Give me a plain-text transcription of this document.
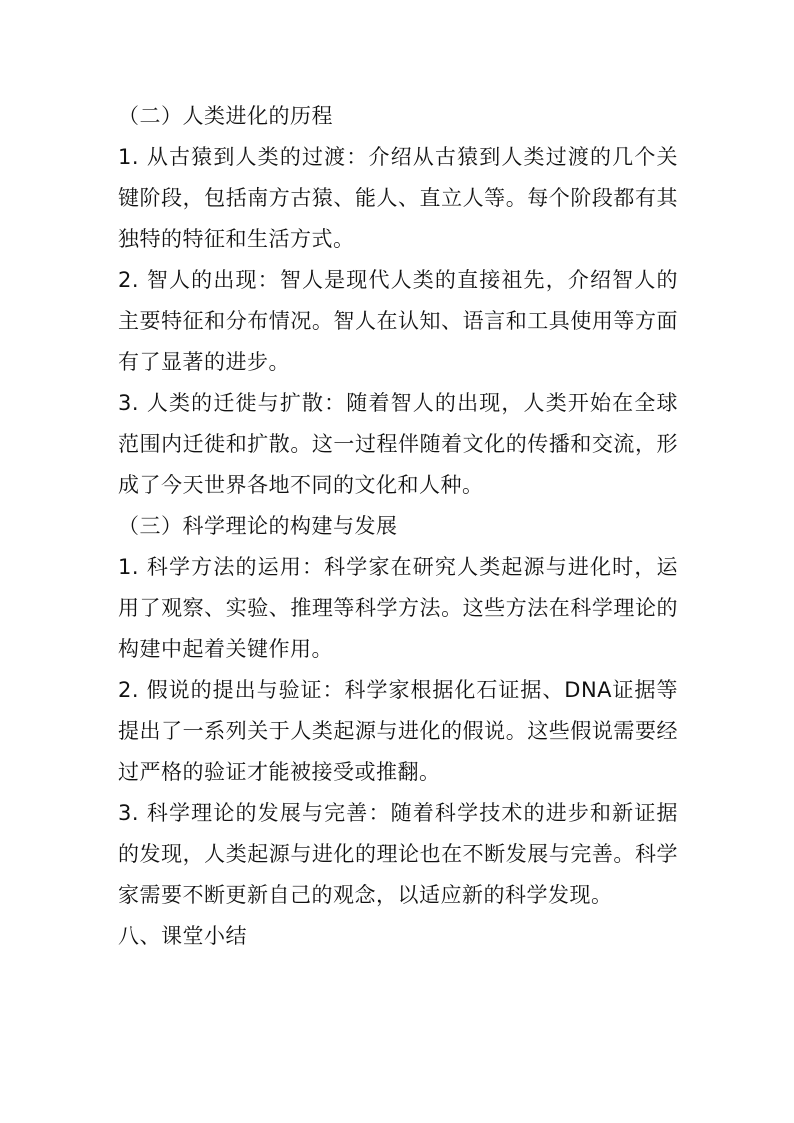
（二）人类进化的历程

1. 从古猿到人类的过渡：介绍从古猿到人类过渡的几个关键阶段，包括南方古猿、能人、直立人等。每个阶段都有其独特的特征和生活方式。

2. 智人的出现：智人是现代人类的直接祖先，介绍智人的主要特征和分布情况。智人在认知、语言和工具使用等方面有了显著的进步。

3. 人类的迁徙与扩散：随着智人的出现，人类开始在全球范围内迁徙和扩散。这一过程伴随着文化的传播和交流，形成了今天世界各地不同的文化和人种。

（三）科学理论的构建与发展

1. 科学方法的运用：科学家在研究人类起源与进化时，运用了观察、实验、推理等科学方法。这些方法在科学理论的构建中起着关键作用。

2. 假说的提出与验证：科学家根据化石证据、DNA证据等提出了一系列关于人类起源与进化的假说。这些假说需要经过严格的验证才能被接受或推翻。

3. 科学理论的发展与完善：随着科学技术的进步和新证据的发现，人类起源与进化的理论也在不断发展与完善。科学家需要不断更新自己的观念，以适应新的科学发现。

八、课堂小结
